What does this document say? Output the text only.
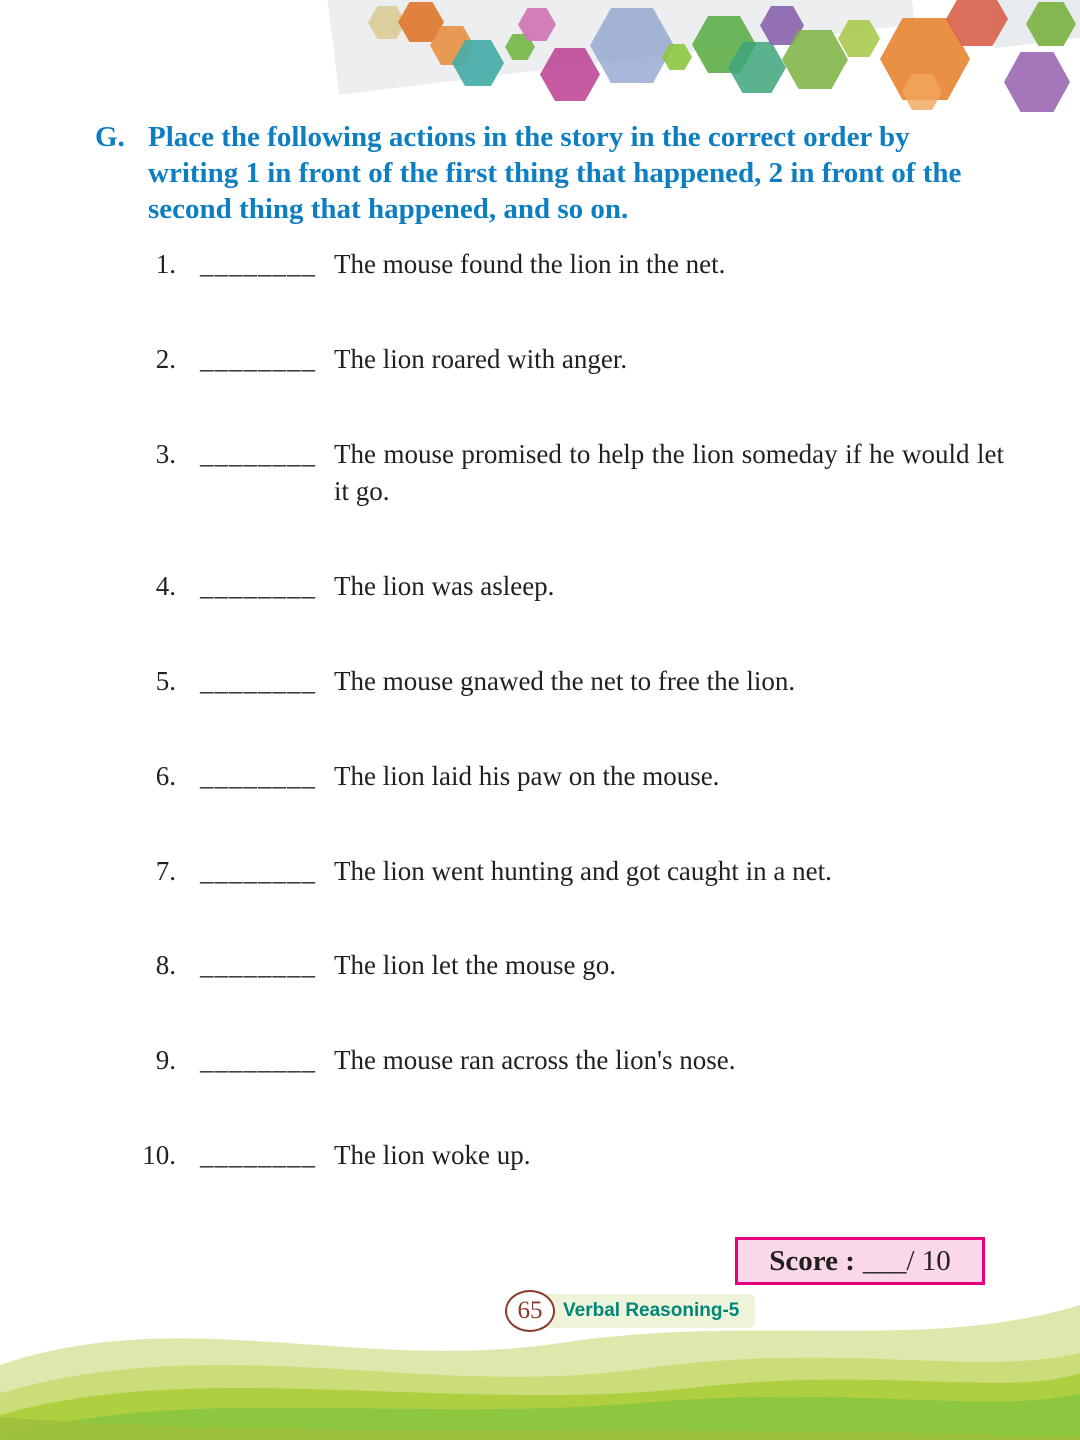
G. Place the following actions in the story in the correct order by writing 1 in front of the first thing that happened, 2 in front of the second thing that happened, and so on.
1. ________ The mouse found the lion in the net.
2. ________ The lion roared with anger.
3. ________ The mouse promised to help the lion someday if he would let it go.
4. ________ The lion was asleep.
5. ________ The mouse gnawed the net to free the lion.
6. ________ The lion laid his paw on the mouse.
7. ________ The lion went hunting and got caught in a net.
8. ________ The lion let the mouse go.
9. ________ The mouse ran across the lion's nose.
10. ________ The lion woke up.
Score : ___/ 10
65	Verbal Reasoning-5
